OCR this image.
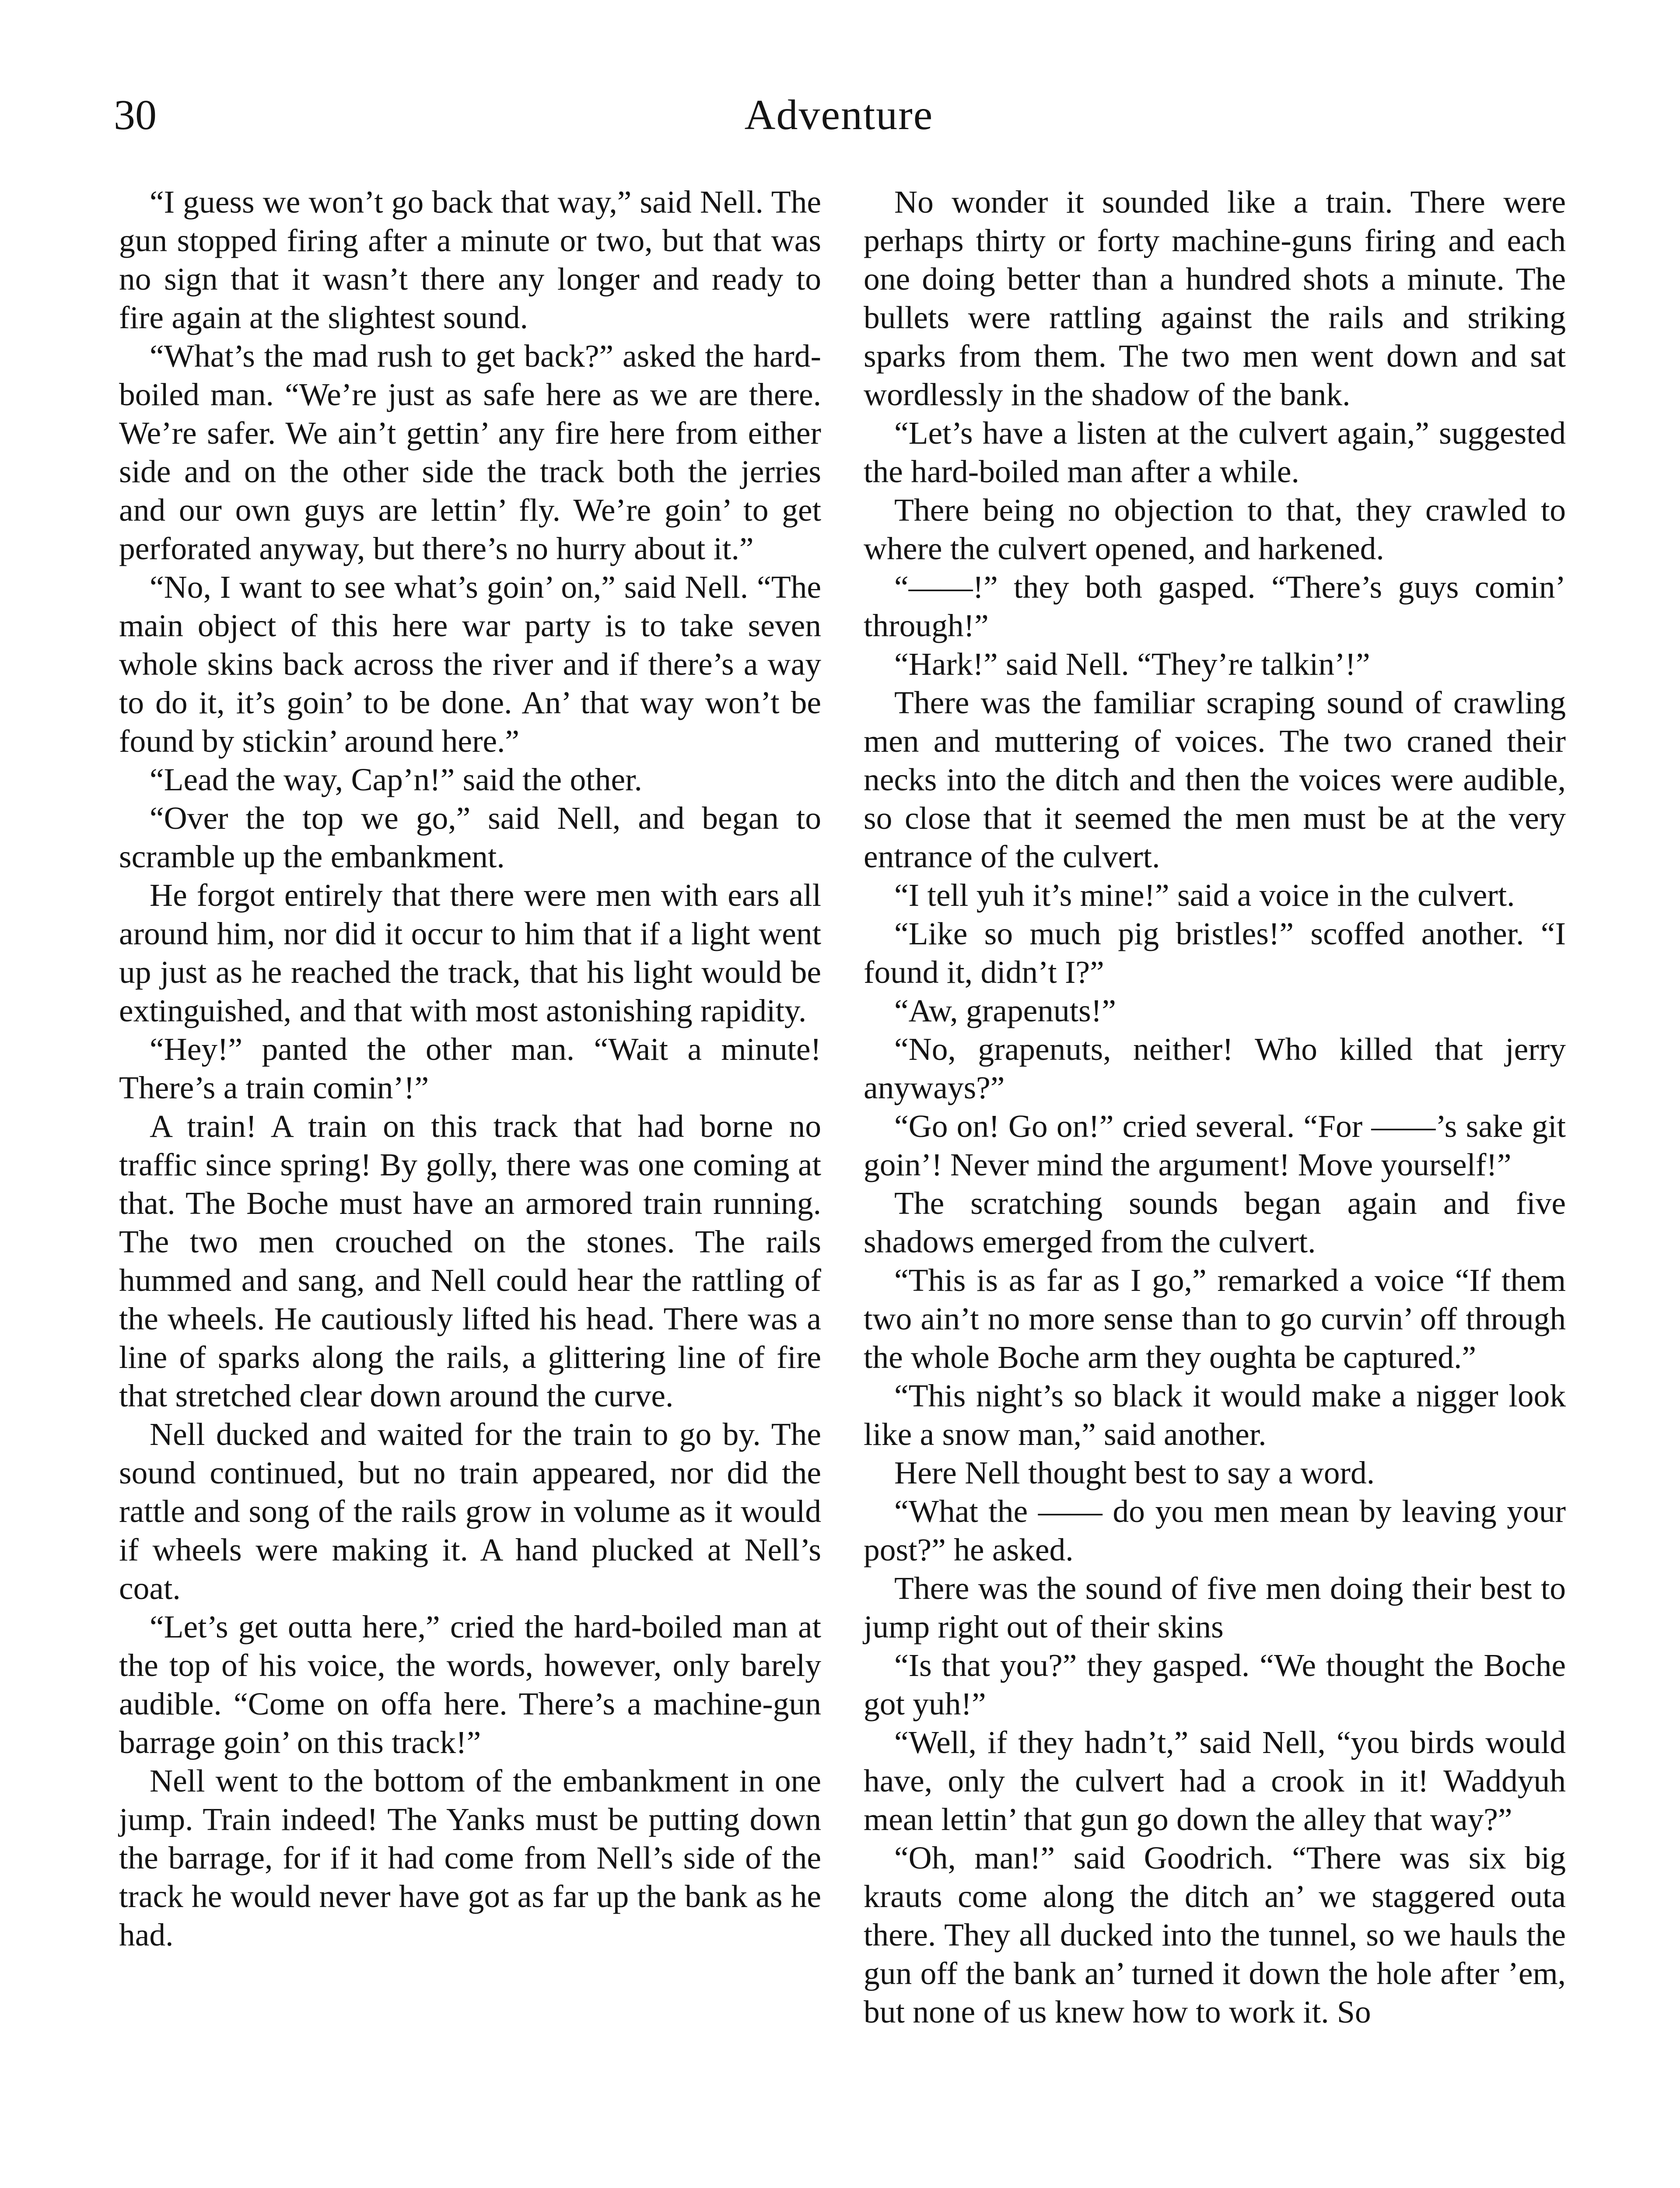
30	Adventure

“I guess we won’t go back that way,” said Nell. The gun stopped firing after a minute or two, but that was no sign that it wasn’t there any longer and ready to fire again at the slightest sound.

“What’s the mad rush to get back?” asked the hard-boiled man. “We’re just as safe here as we are there. We’re safer. We ain’t gettin’ any fire here from either side and on the other side the track both the jerries and our own guys are lettin’ fly. We’re goin’ to get perforated anyway, but there’s no hurry about it.”

“No, I want to see what’s goin’ on,” said Nell. “The main object of this here war party is to take seven whole skins back across the river and if there’s a way to do it, it’s goin’ to be done. An’ that way won’t be found by stickin’ around here.”

“Lead the way, Cap’n!” said the other.

“Over the top we go,” said Nell, and began to scramble up the embankment.

He forgot entirely that there were men with ears all around him, nor did it occur to him that if a light went up just as he reached the track, that his light would be extinguished, and that with most astonishing rapidity.

“Hey!” panted the other man. “Wait a minute! There’s a train comin’!”

A train! A train on this track that had borne no traffic since spring! By golly, there was one coming at that. The Boche must have an armored train running. The two men crouched on the stones. The rails hummed and sang, and Nell could hear the rattling of the wheels. He cautiously lifted his head. There was a line of sparks along the rails, a glittering line of fire that stretched clear down around the curve.

Nell ducked and waited for the train to go by. The sound continued, but no train appeared, nor did the rattle and song of the rails grow in volume as it would if wheels were making it. A hand plucked at Nell’s coat.

“Let’s get outta here,” cried the hard-boiled man at the top of his voice, the words, however, only barely audible. “Come on offa here. There’s a machine-gun barrage goin’ on this track!”

Nell went to the bottom of the embankment in one jump. Train indeed! The Yanks must be putting down the barrage, for if it had come from Nell’s side of the track he would never have got as far up the bank as he had.

No wonder it sounded like a train. There were perhaps thirty or forty machine-guns firing and each one doing better than a hundred shots a minute. The bullets were rattling against the rails and striking sparks from them. The two men went down and sat wordlessly in the shadow of the bank.

“Let’s have a listen at the culvert again,” suggested the hard-boiled man after a while.

There being no objection to that, they crawled to where the culvert opened, and harkened.

“——!” they both gasped. “There’s guys comin’ through!”

“Hark!” said Nell. “They’re talkin’!”

There was the familiar scraping sound of crawling men and muttering of voices. The two craned their necks into the ditch and then the voices were audible, so close that it seemed the men must be at the very entrance of the culvert.

“I tell yuh it’s mine!” said a voice in the culvert.

“Like so much pig bristles!” scoffed another. “I found it, didn’t I?”

“Aw, grapenuts!”

“No, grapenuts, neither! Who killed that jerry anyways?”

“Go on! Go on!” cried several. “For ——’s sake git goin’! Never mind the argument! Move yourself!”

The scratching sounds began again and five shadows emerged from the culvert.

“This is as far as I go,” remarked a voice “If them two ain’t no more sense than to go curvin’ off through the whole Boche arm they oughta be captured.”

“This night’s so black it would make a nigger look like a snow man,” said another.

Here Nell thought best to say a word.

“What the —— do you men mean by leaving your post?” he asked.

There was the sound of five men doing their best to jump right out of their skins

“Is that you?” they gasped. “We thought the Boche got yuh!”

“Well, if they hadn’t,” said Nell, “you birds would have, only the culvert had a crook in it! Waddyuh mean lettin’ that gun go down the alley that way?”

“Oh, man!” said Goodrich. “There was six big krauts come along the ditch an’ we staggered outa there. They all ducked into the tunnel, so we hauls the gun off the bank an’ turned it down the hole after ’em, but none of us knew how to work it. So
